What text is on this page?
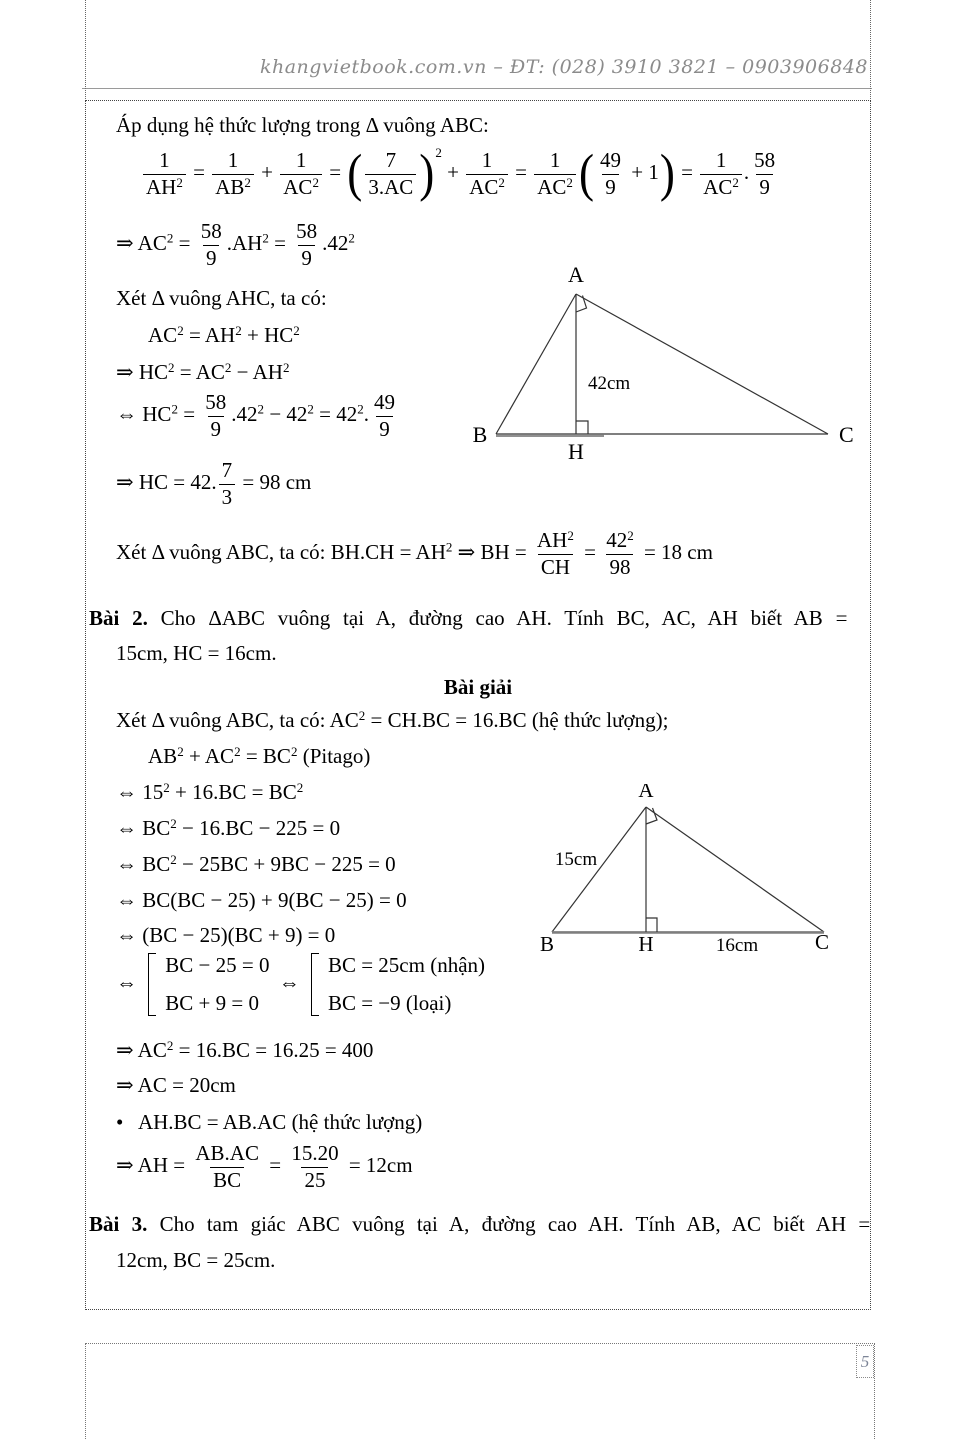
khangvietbook.com.vn – ĐT: (028) 3910 3821 – 0903906848
Áp dụng hệ thức lượng trong Δ vuông ABC:
$\frac{1}{AH^2} = \frac{1}{AB^2} + \frac{1}{AC^2}$ = ( $\frac{7}{3.AC} )^2 + \frac{1}{AC^2} = \frac{1}{AC^2}$ ( $\frac{49}{9} + 1) = \frac{1}{AC^2}$ . $\frac{58}{9}$
⇒ $AC^2 = \frac{58}{9} .AH^2 = \frac{58}{9} .42^2$
Xét Δ vuông AHC, ta có:
$AC^2 = AH^2 + HC^2$
⇒ $HC^2 = AC^2 - AH^2$
⇔ $HC^2 = \frac{58}{9} .42^2 - 42^2 = 42^2$. $\frac{49}{9}$
⇒ HC = 42. $\frac{7}{3} = 98$ cm
Xét Δ vuông ABC, ta có: $BH.CH = AH^2$ ⇒ BH = $\frac{AH^2}{CH} = \frac{42^2}{98} = 18$ cm
A
B	C
H
42cm
Bài 2. Cho ΔABC vuông tại A, đường cao AH. Tính BC, AC, AH biết AB =
15cm, HC = 16cm.
Bài giải
Xét Δ vuông ABC, ta có: $AC^2 = CH.BC = 16.BC$ (hệ thức lượng);
$AB^2 + AC^2 = BC^2$ (Pitago)
⇔ $15^2 + 16.BC = BC^2$
⇔ $BC^2 - 16.BC - 225 = 0$
⇔ $BC^2 - 25BC + 9BC - 225 = 0$
⇔ BC(BC − 25) + 9(BC − 25) = 0
⇔ (BC − 25)(BC + 9) = 0
⇔
BC − 25 = 0
BC + 9 = 0
⇔
BC = 25cm (nhận)
BC = −9 (loại)
⇒ $AC^2 = 16.BC = 16.25 = 400$
⇒ AC = 20cm
•   AH.BC = AB.AC (hệ thức lượng)
⇒ AH = $\frac{AB.AC}{BC} = \frac{15.20}{25} = 12cm$
A
B	C
H
15cm
16cm
Bài 3. Cho tam giác ABC vuông tại A, đường cao AH. Tính AB, AC biết AH =
12cm, BC = 25cm.
5
